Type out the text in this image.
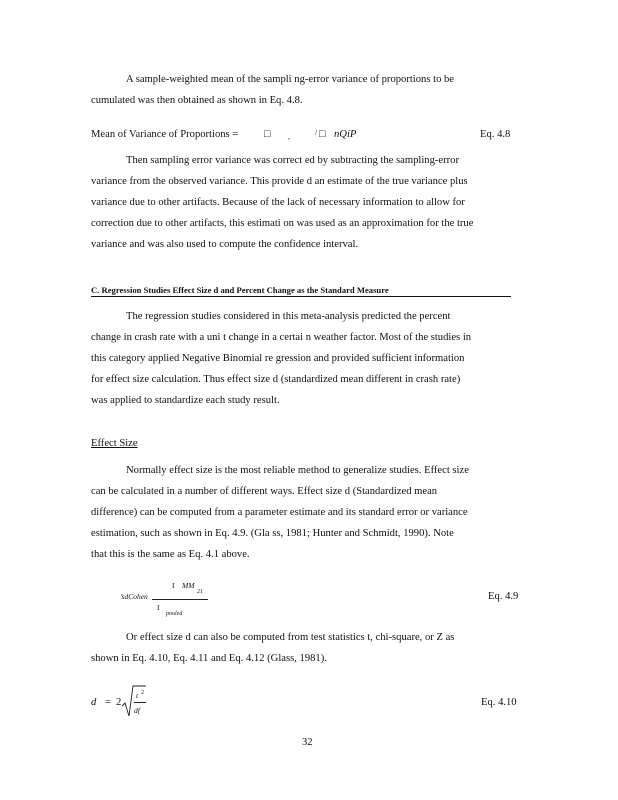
A sample-weighted mean of the sampli ng-error variance of proportions to be
cumulated was then obtained as shown in Eq. 4.8.
Mean of Variance of Proportions = □ ,	/ □ nQiP	Eq. 4.8
Then sampling error variance was correct ed by subtracting the sampling-error
variance from the observed variance. This provide d an estimate of the true variance plus
variance due to other artifacts. Because of the lack of necessary information to allow for
correction due to other artifacts, this estimati on was used as an approximation for the true
variance and was also used to compute the confidence interval.
C. Regression Studies Effect Size d and Percent Change as the Standard Measure
The regression studies considered in this meta-analysis predicted the percent
change in crash rate with a uni t change in a certai n weather factor. Most of the studies in
this category applied Negative Binomial re gression and provided sufficient information
for effect size calculation. Thus effect size d (standardized mean different in crash rate)
was applied to standardize each study result.
Effect Size
Normally effect size is the most reliable method to generalize studies. Effect size
can be calculated in a number of different ways. Effect size d (Standardized mean
difference) can be computed from a parameter estimate and its standard error or variance
estimation, such as shown in Eq. 4.9. (Gla ss, 1981; Hunter and Schmidt, 1990). Note
that this is the same as Eq. 4.1 above.
’sdCohen
I MM
21
I
pooled
Eq. 4.9
Or effect size d can also be computed from test statistics t, chi-square, or Z as
shown in Eq. 4.10, Eq. 4.11 and Eq. 4.12 (Glass, 1981).
d = 2
t 2
df
Eq. 4.10
32
